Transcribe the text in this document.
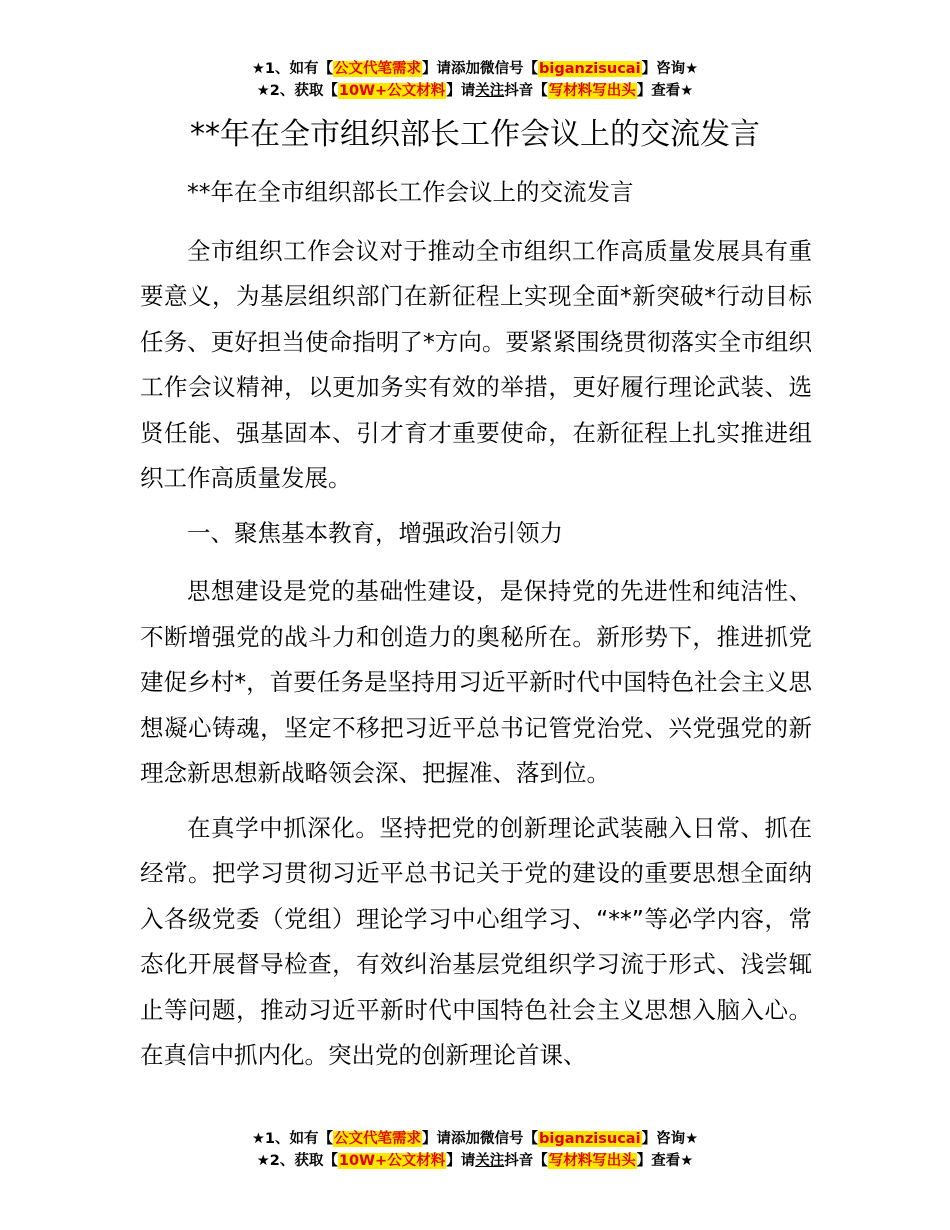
★1、如有【公文代笔需求】请添加微信号【biganzisucai】咨询★
★2、获取【10W+公文材料】请关注抖音【写材料写出头】查看★
**年在全市组织部长工作会议上的交流发言

**年在全市组织部长工作会议上的交流发言

全市组织工作会议对于推动全市组织工作高质量发展具有重要意义，为基层组织部门在新征程上实现全面*新突破*行动目标任务、更好担当使命指明了*方向。要紧紧围绕贯彻落实全市组织工作会议精神，以更加务实有效的举措，更好履行理论武装、选贤任能、强基固本、引才育才重要使命，在新征程上扎实推进组织工作高质量发展。

一、聚焦基本教育，增强政治引领力

思想建设是党的基础性建设，是保持党的先进性和纯洁性、不断增强党的战斗力和创造力的奥秘所在。新形势下，推进抓党建促乡村*，首要任务是坚持用习近平新时代中国特色社会主义思想凝心铸魂，坚定不移把习近平总书记管党治党、兴党强党的新理念新思想新战略领会深、把握准、落到位。

在真学中抓深化。坚持把党的创新理论武装融入日常、抓在经常。把学习贯彻习近平总书记关于党的建设的重要思想全面纳入各级党委（党组）理论学习中心组学习、“**”等必学内容，常态化开展督导检查，有效纠治基层党组织学习流于形式、浅尝辄止等问题，推动习近平新时代中国特色社会主义思想入脑入心。在真信中抓内化。突出党的创新理论首课、

★1、如有【公文代笔需求】请添加微信号【biganzisucai】咨询★
★2、获取【10W+公文材料】请关注抖音【写材料写出头】查看★
